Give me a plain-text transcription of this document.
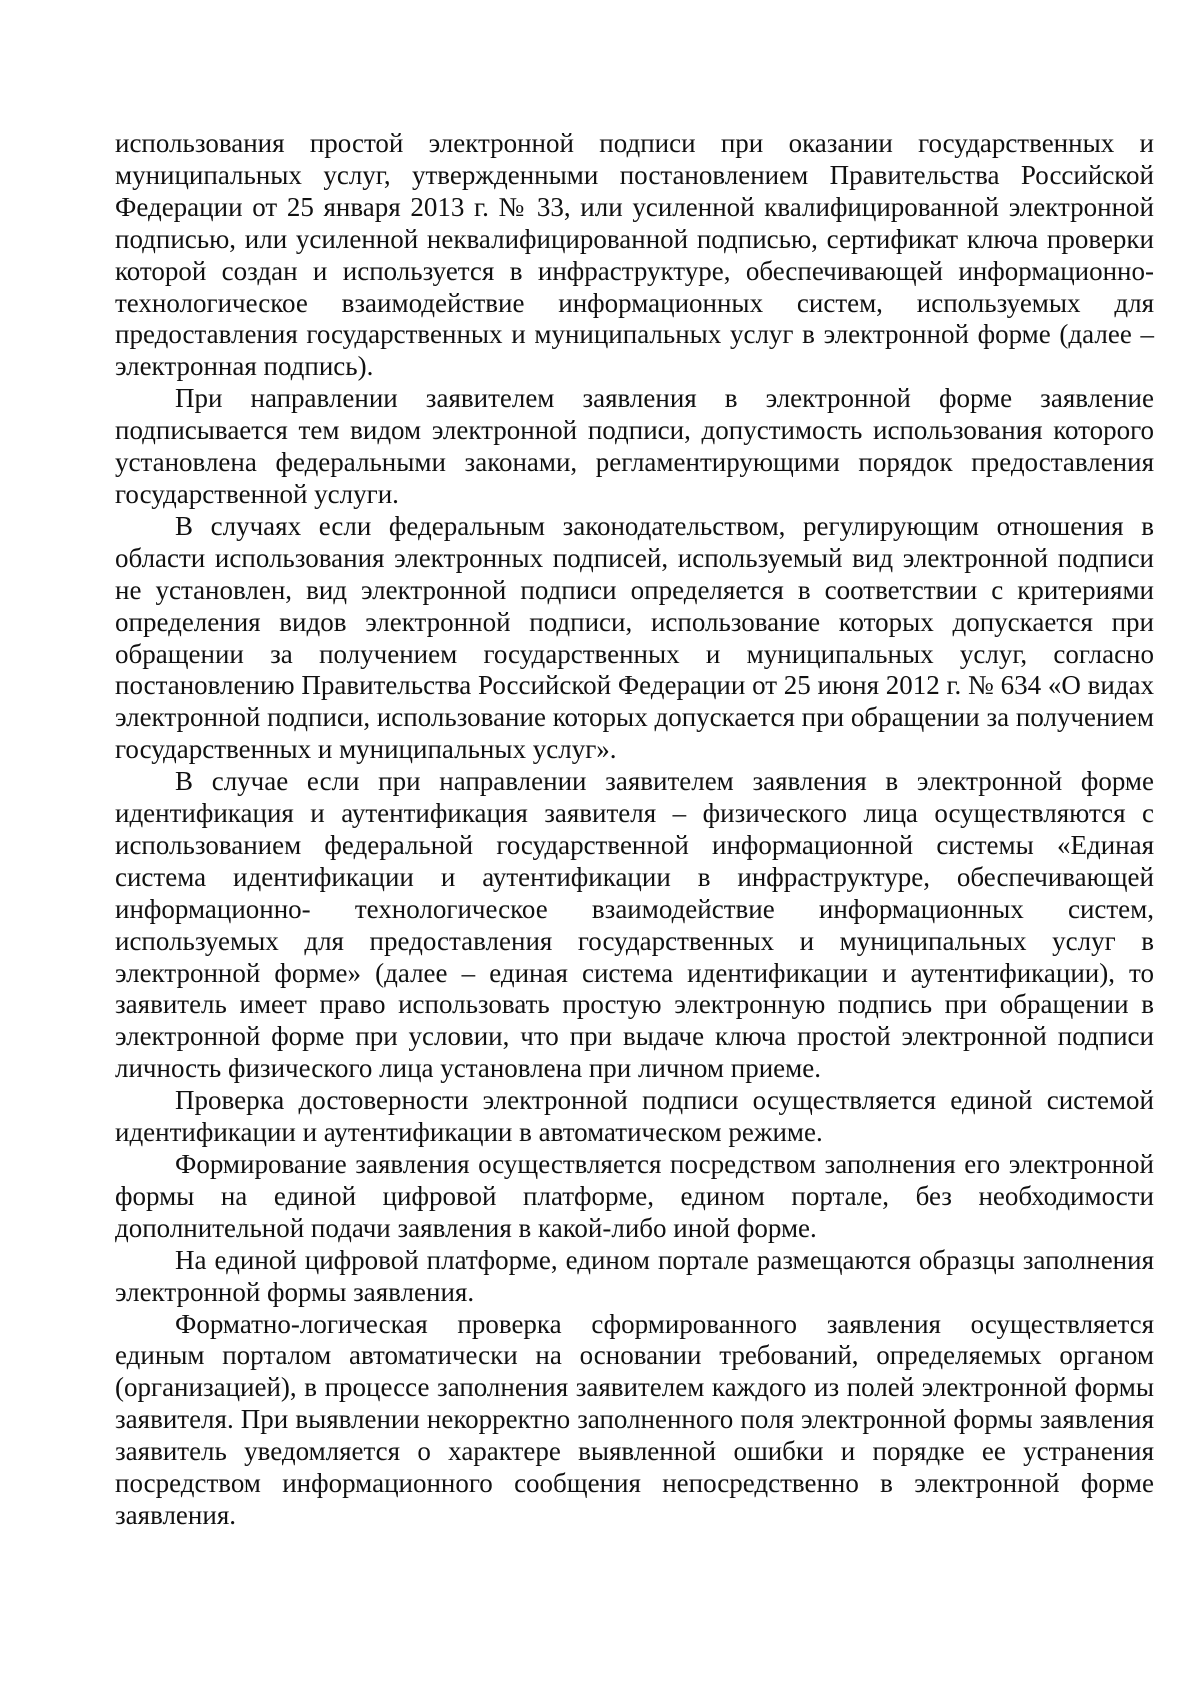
использования простой электронной подписи при оказании государственных и муниципальных услуг, утвержденными постановлением Правительства Российской Федерации от 25 января 2013 г. № 33, или усиленной квалифицированной электронной подписью, или усиленной неквалифицированной подписью, сертификат ключа проверки которой создан и используется в инфраструктуре, обеспечивающей информационно- технологическое взаимодействие информационных систем, используемых для предоставления государственных и муниципальных услуг в электронной форме (далее – электронная подпись).

При направлении заявителем заявления в электронной форме заявление подписывается тем видом электронной подписи, допустимость использования которого установлена федеральными законами, регламентирующими порядок предоставления государственной услуги.

В случаях если федеральным законодательством, регулирующим отношения в области использования электронных подписей, используемый вид электронной подписи не установлен, вид электронной подписи определяется в соответствии с критериями определения видов электронной подписи, использование которых допускается при обращении за получением государственных и муниципальных услуг, согласно постановлению Правительства Российской Федерации от 25 июня 2012 г. № 634 «О видах электронной подписи, использование которых допускается при обращении за получением государственных и муниципальных услуг».

В случае если при направлении заявителем заявления в электронной форме идентификация и аутентификация заявителя – физического лица осуществляются с использованием федеральной государственной информационной системы «Единая система идентификации и аутентификации в инфраструктуре, обеспечивающей информационно- технологическое взаимодействие информационных систем, используемых для предоставления государственных и муниципальных услуг в электронной форме» (далее – единая система идентификации и аутентификации), то заявитель имеет право использовать простую электронную подпись при обращении в электронной форме при условии, что при выдаче ключа простой электронной подписи личность физического лица установлена при личном приеме.

Проверка достоверности электронной подписи осуществляется единой системой идентификации и аутентификации в автоматическом режиме.

Формирование заявления осуществляется посредством заполнения его электронной формы на единой цифровой платформе, едином портале, без необходимости дополнительной подачи заявления в какой-либо иной форме.

На единой цифровой платформе, едином портале размещаются образцы заполнения электронной формы заявления.

Форматно-логическая проверка сформированного заявления осуществляется единым порталом автоматически на основании требований, определяемых органом (организацией), в процессе заполнения заявителем каждого из полей электронной формы заявителя. При выявлении некорректно заполненного поля электронной формы заявления заявитель уведомляется о характере выявленной ошибки и порядке ее устранения посредством информационного сообщения непосредственно в электронной форме заявления.
